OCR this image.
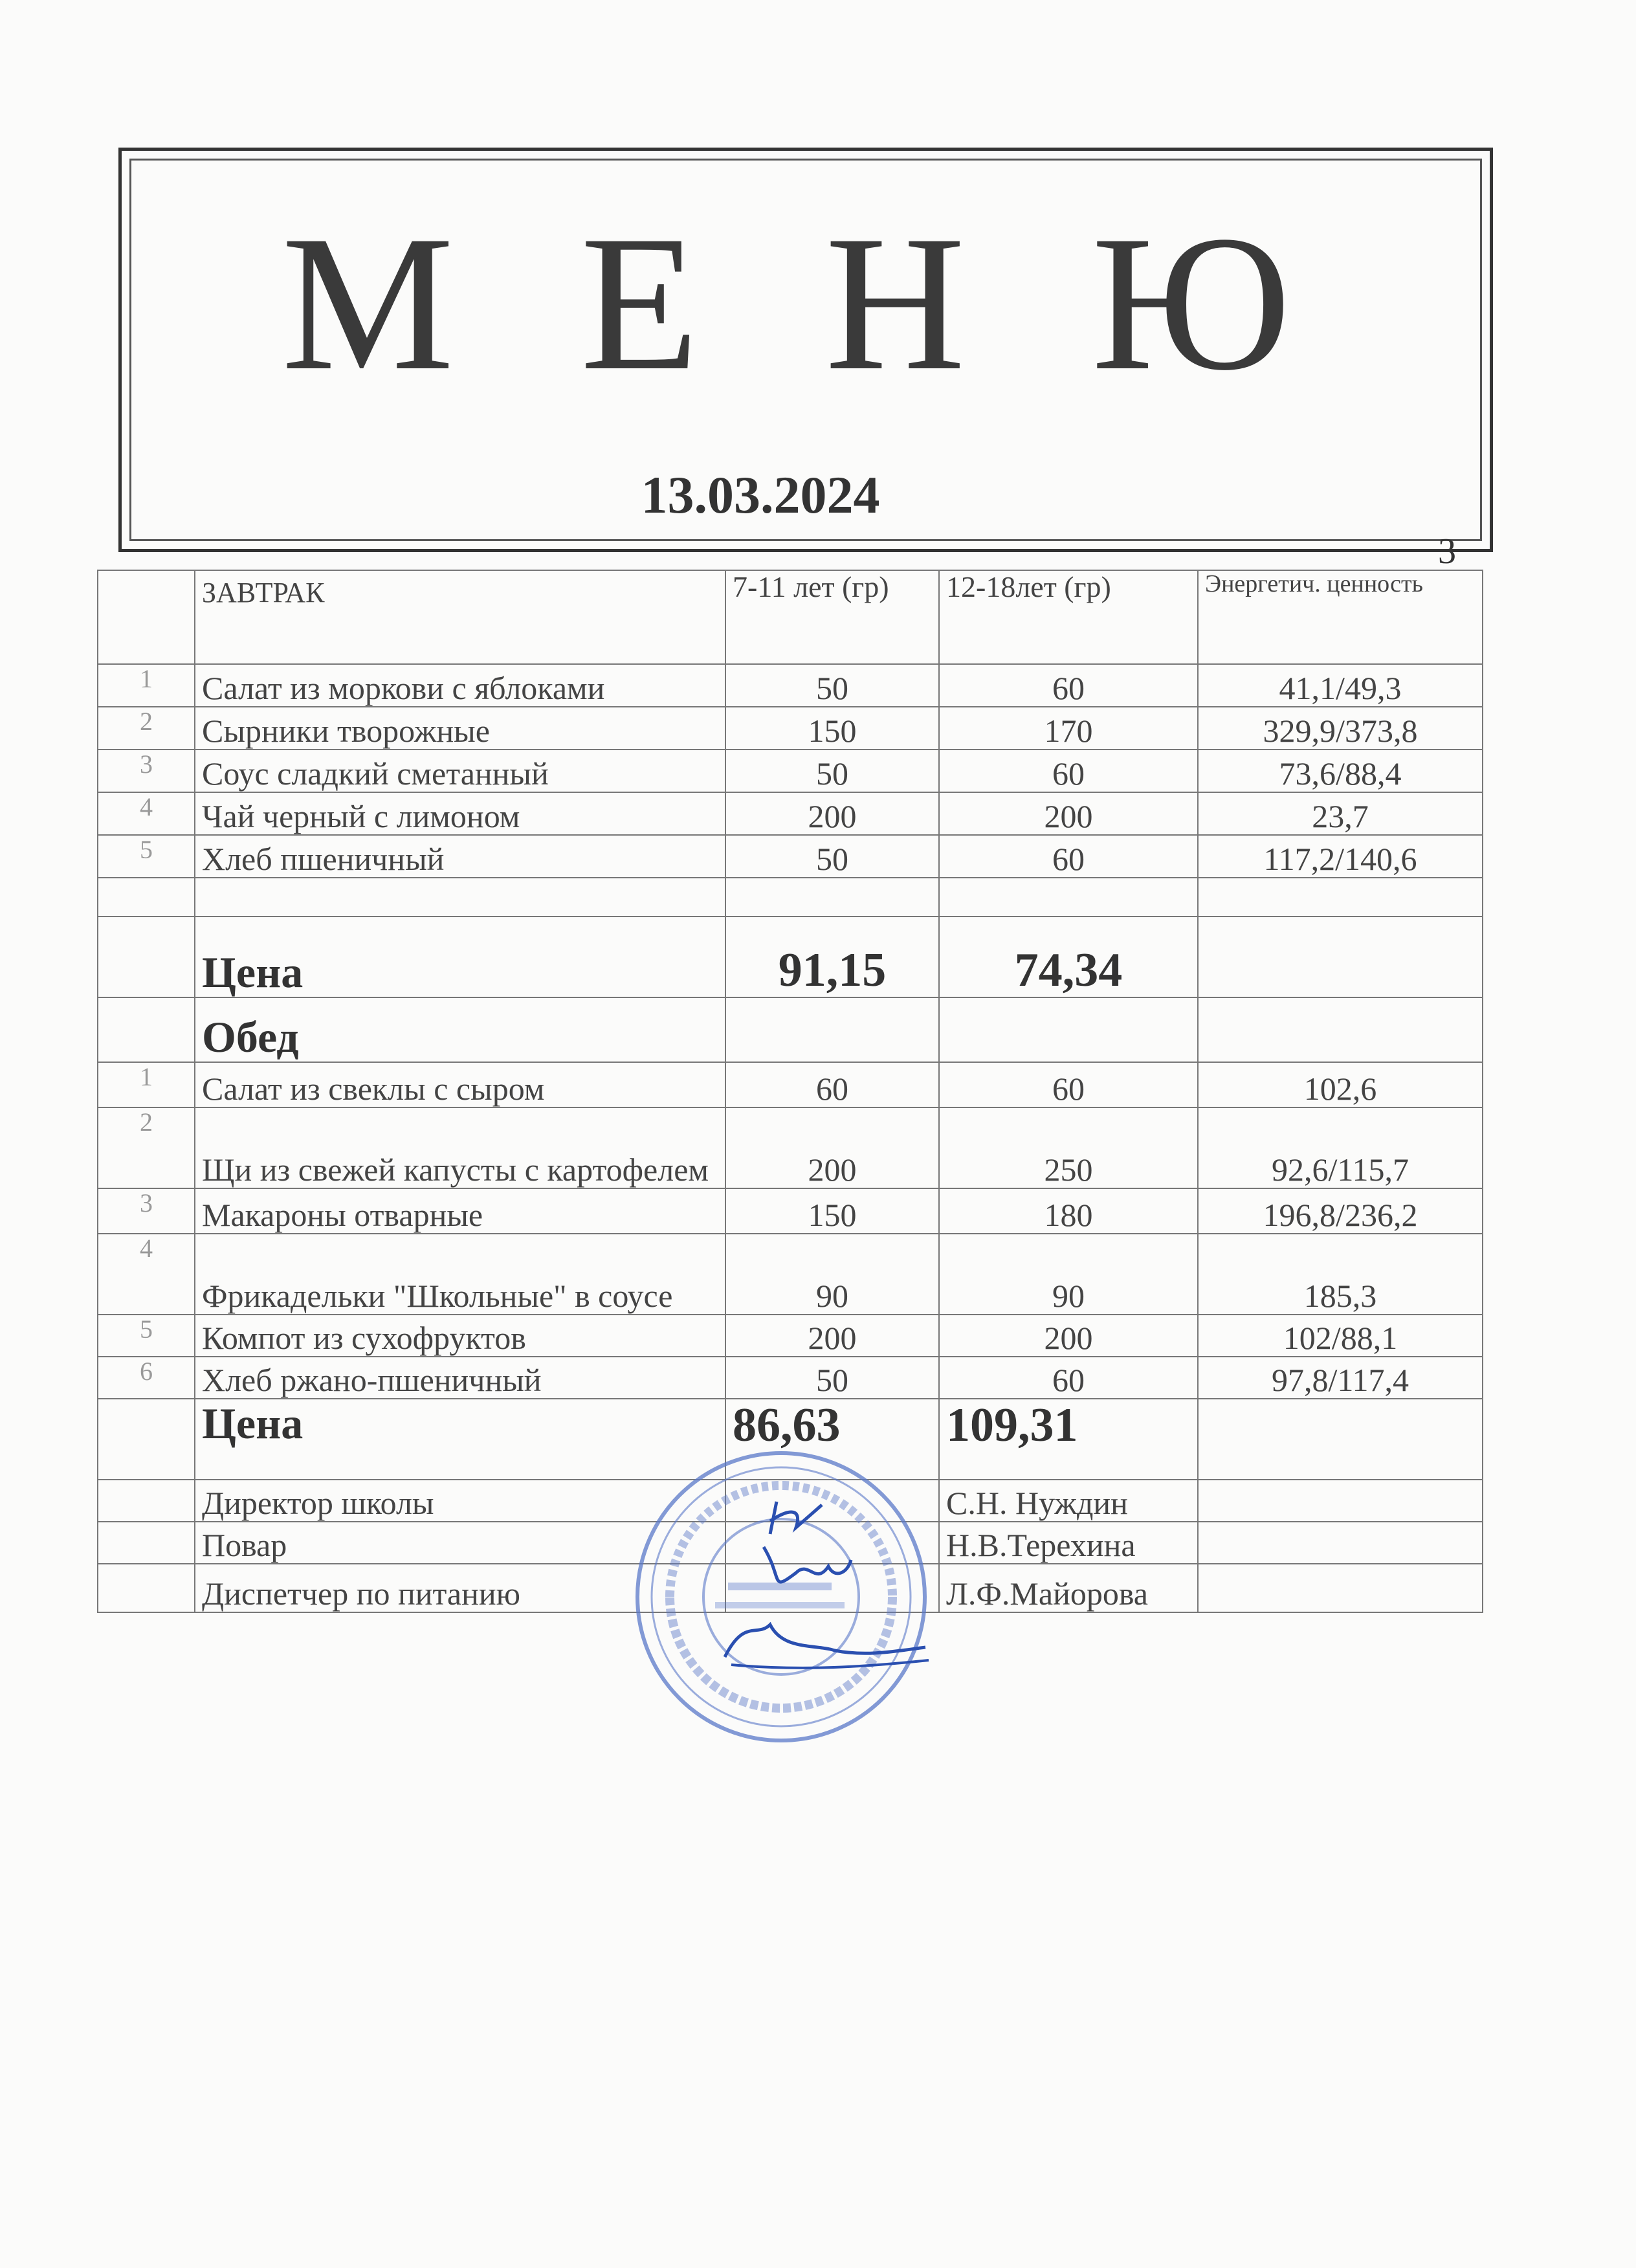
М Е Н Ю
13.03.2024
3
	ЗАВТРАК	7-11 лет (гр)	12-18лет (гр)	Энергетич. ценность
1	Салат из моркови с яблоками	50	60	41,1/49,3
2	Сырники творожные	150	170	329,9/373,8
3	Соус сладкий сметанный	50	60	73,6/88,4
4	Чай черный с лимоном	200	200	23,7
5	Хлеб пшеничный	50	60	117,2/140,6

	Цена	91,15	74,34	
	Обед			
1	Салат из свеклы с сыром	60	60	102,6
2	Щи из свежей капусты с картофелем	200	250	92,6/115,7
3	Макароны отварные	150	180	196,8/236,2
4	Фрикадельки "Школьные" в соусе	90	90	185,3
5	Компот из сухофруктов	200	200	102/88,1
6	Хлеб ржано-пшеничный	50	60	97,8/117,4
	Цена	86,63	109,31	
	Директор школы		С.Н. Нуждин	
	Повар		Н.В.Терехина	
	Диспетчер по питанию		Л.Ф.Майорова	
